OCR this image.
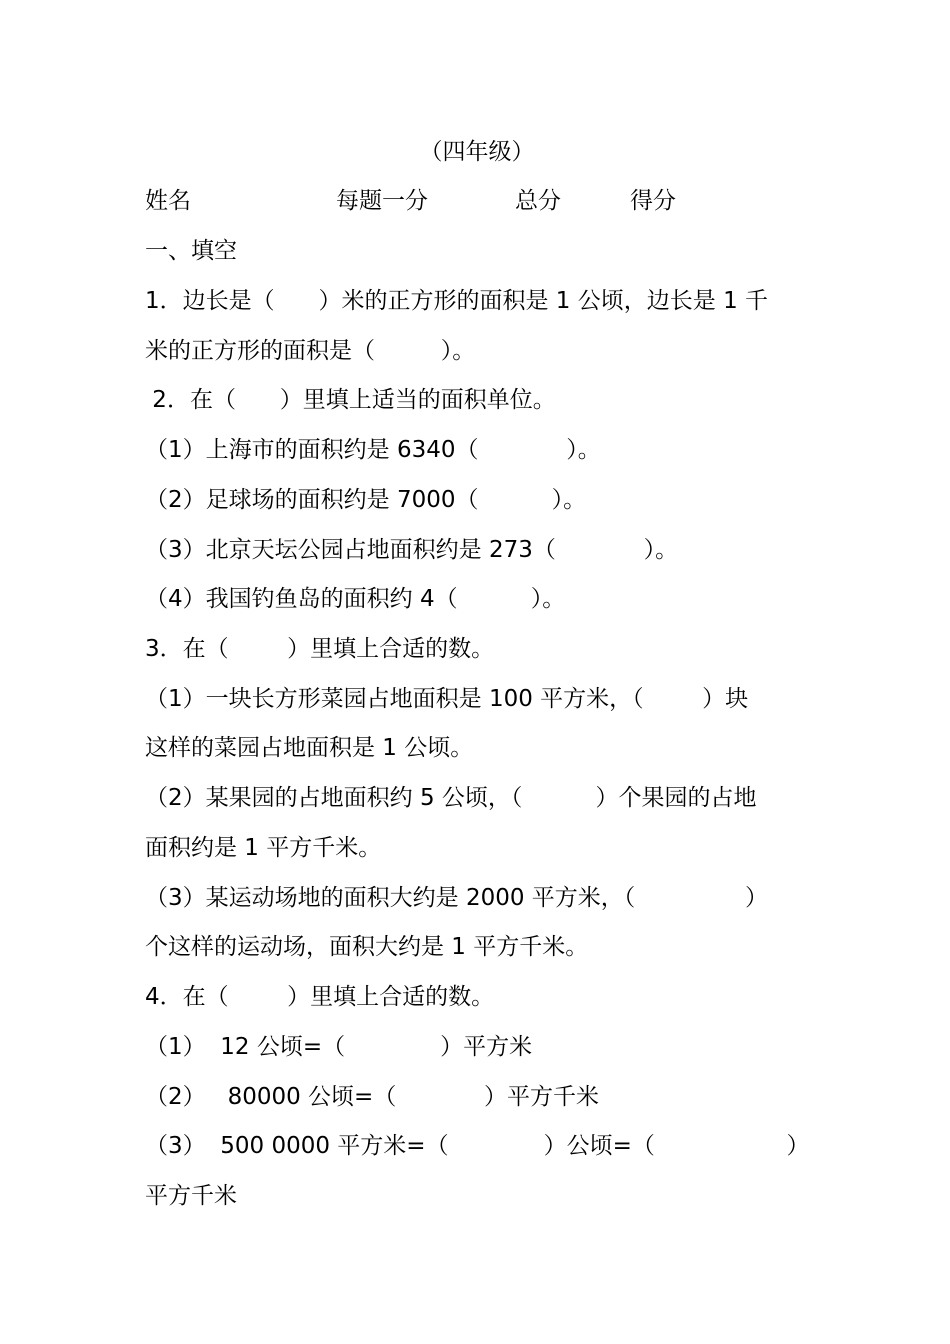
（四年级）

姓名

	每题一分

	总分

	得分

一、填空
1．边长是（      ）米的正方形的面积是 1 公顷，边长是 1 千
米的正方形的面积是（         ）。
2．在（      ）里填上适当的面积单位。
（1）上海市的面积约是 6340（            ）。
（2）足球场的面积约是 7000（          ）。
（3）北京天坛公园占地面积约是 273（            ）。
（4）我国钓鱼岛的面积约 4（          ）。
3．在（        ）里填上合适的数。
（1）一块长方形菜园占地面积是 100 平方米，（        ）块
这样的菜园占地面积是 1 公顷。
（2）某果园的占地面积约 5 公顷，（          ）个果园的占地
面积约是 1 平方千米。
（3）某运动场地的面积大约是 2000 平方米，（               ）
个这样的运动场，面积大约是 1 平方千米。
4．在（        ）里填上合适的数。
（1）  12 公顷=（             ）平方米
（2）   80000 公顷=（            ）平方千米
（3）  500 0000 平方米=（             ）公顷=（                  ）
平方千米
